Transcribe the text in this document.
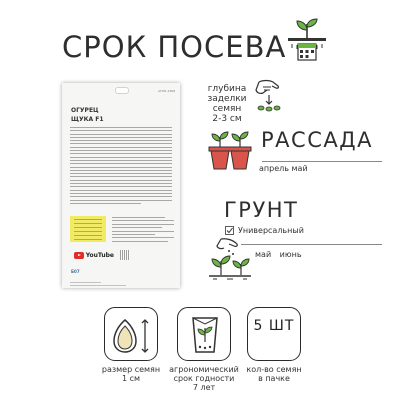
СРОК ПОСЕВА
АГРО-1368
ОГУРЕЦ
ЩУКА F1
YouTube
Б07
глубина
заделки
семян
2-3 см
РАССАДА
апрель май
ГРУНТ
Универсальный
май июнь
5 ШТ
размер семян
1 см
агрономический
срок годности
7 лет
кол-во семян
в пачке
